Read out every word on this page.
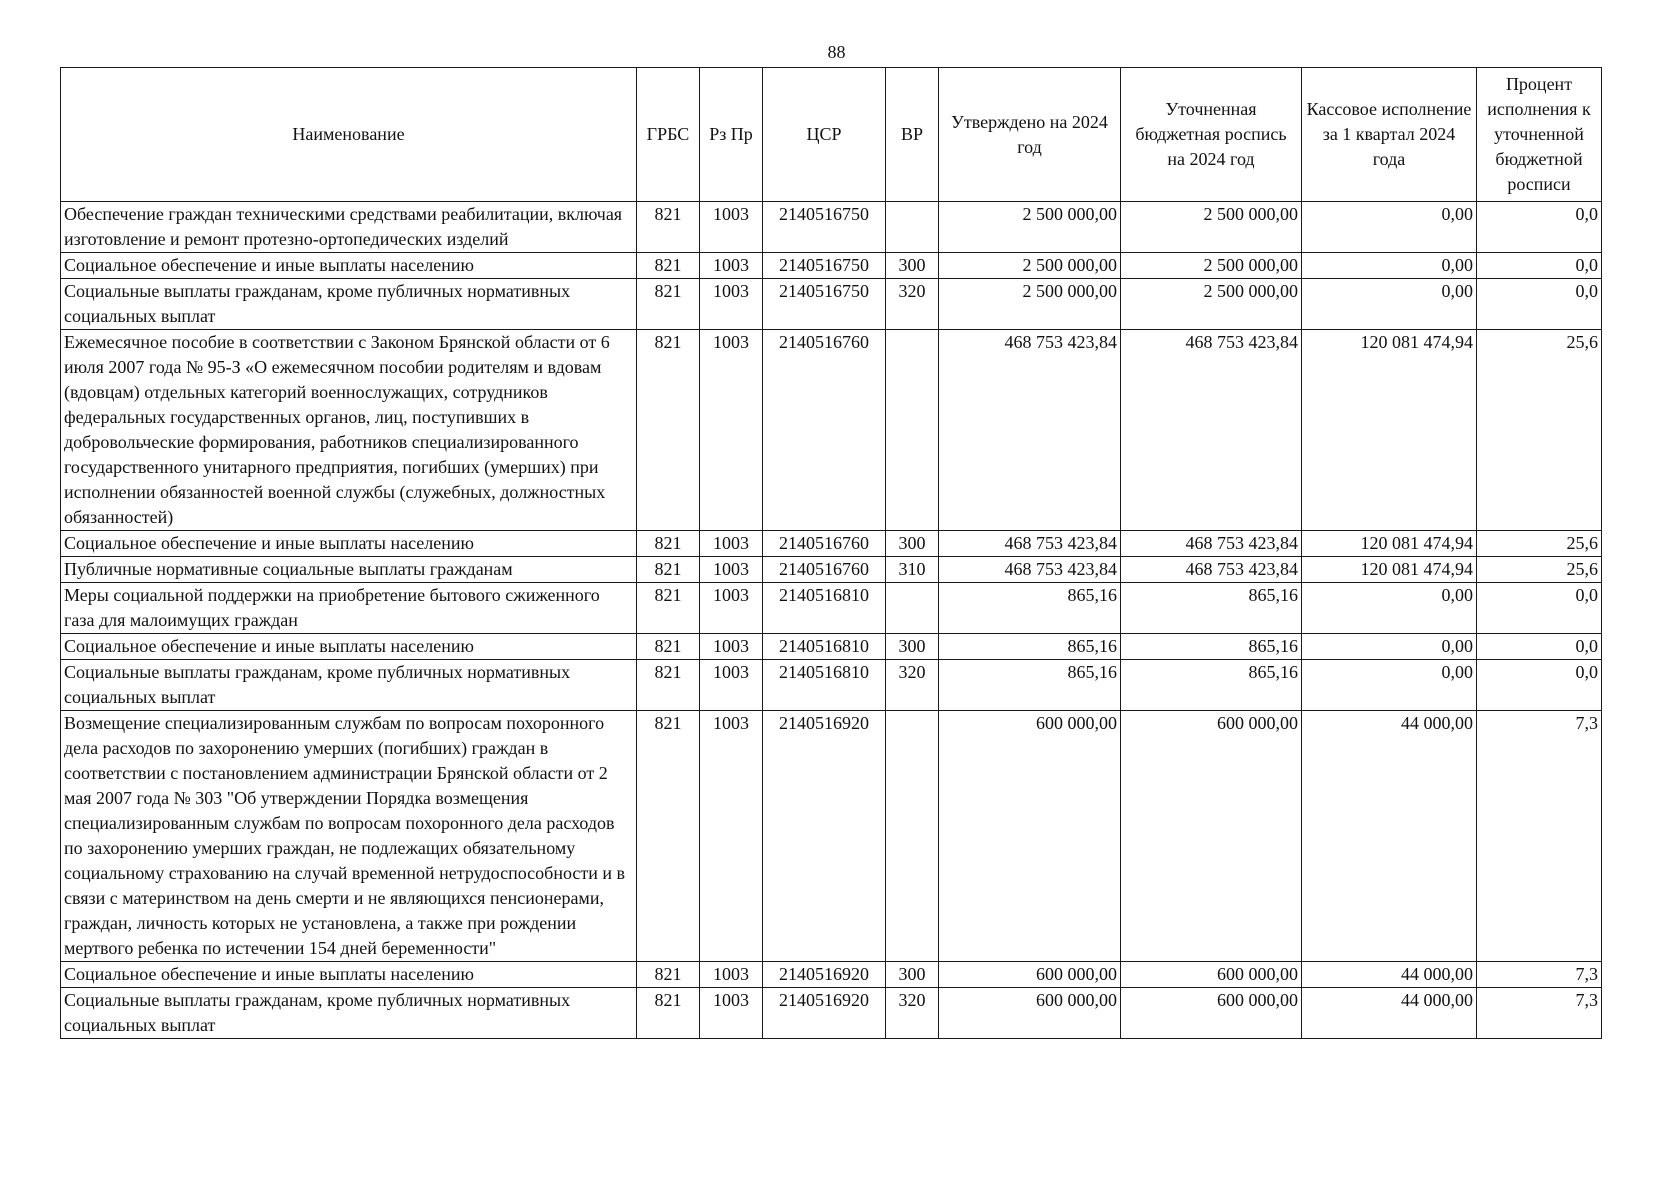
88
Наименование	ГРБС	Рз Пр	ЦСР	ВР	Утверждено на 2024 год	Уточненная бюджетная роспись на 2024 год	Кассовое исполнение за 1 квартал 2024 года	Процент исполнения к уточненной бюджетной росписи
Обеспечение граждан техническими средствами реабилитации, включая изготовление и ремонт протезно-ортопедических изделий	821	1003	2140516750		2 500 000,00	2 500 000,00	0,00	0,0
Социальное обеспечение и иные выплаты населению	821	1003	2140516750	300	2 500 000,00	2 500 000,00	0,00	0,0
Социальные выплаты гражданам, кроме публичных нормативных социальных выплат	821	1003	2140516750	320	2 500 000,00	2 500 000,00	0,00	0,0
Ежемесячное пособие в соответствии с Законом Брянской области от 6 июля 2007 года № 95-З «О ежемесячном пособии родителям и вдовам (вдовцам) отдельных категорий военнослужащих, сотрудников федеральных государственных органов, лиц, поступивших в добровольческие формирования, работников специализированного государственного унитарного предприятия, погибших (умерших) при исполнении обязанностей военной службы (служебных, должностных обязанностей)	821	1003	2140516760		468 753 423,84	468 753 423,84	120 081 474,94	25,6
Социальное обеспечение и иные выплаты населению	821	1003	2140516760	300	468 753 423,84	468 753 423,84	120 081 474,94	25,6
Публичные нормативные социальные выплаты гражданам	821	1003	2140516760	310	468 753 423,84	468 753 423,84	120 081 474,94	25,6
Меры социальной поддержки на приобретение бытового сжиженного газа для малоимущих граждан	821	1003	2140516810		865,16	865,16	0,00	0,0
Социальное обеспечение и иные выплаты населению	821	1003	2140516810	300	865,16	865,16	0,00	0,0
Социальные выплаты гражданам, кроме публичных нормативных социальных выплат	821	1003	2140516810	320	865,16	865,16	0,00	0,0
Возмещение специализированным службам по вопросам похоронного дела расходов по захоронению умерших (погибших) граждан в соответствии с постановлением администрации Брянской области от 2 мая 2007 года № 303 "Об утверждении Порядка возмещения специализированным службам по вопросам похоронного дела расходов по захоронению умерших граждан, не подлежащих обязательному социальному страхованию на случай временной нетрудоспособности и в связи с материнством на день смерти и не являющихся пенсионерами, граждан, личность которых не установлена, а также при рождении мертвого ребенка по истечении 154 дней беременности"	821	1003	2140516920		600 000,00	600 000,00	44 000,00	7,3
Социальное обеспечение и иные выплаты населению	821	1003	2140516920	300	600 000,00	600 000,00	44 000,00	7,3
Социальные выплаты гражданам, кроме публичных нормативных социальных выплат	821	1003	2140516920	320	600 000,00	600 000,00	44 000,00	7,3
